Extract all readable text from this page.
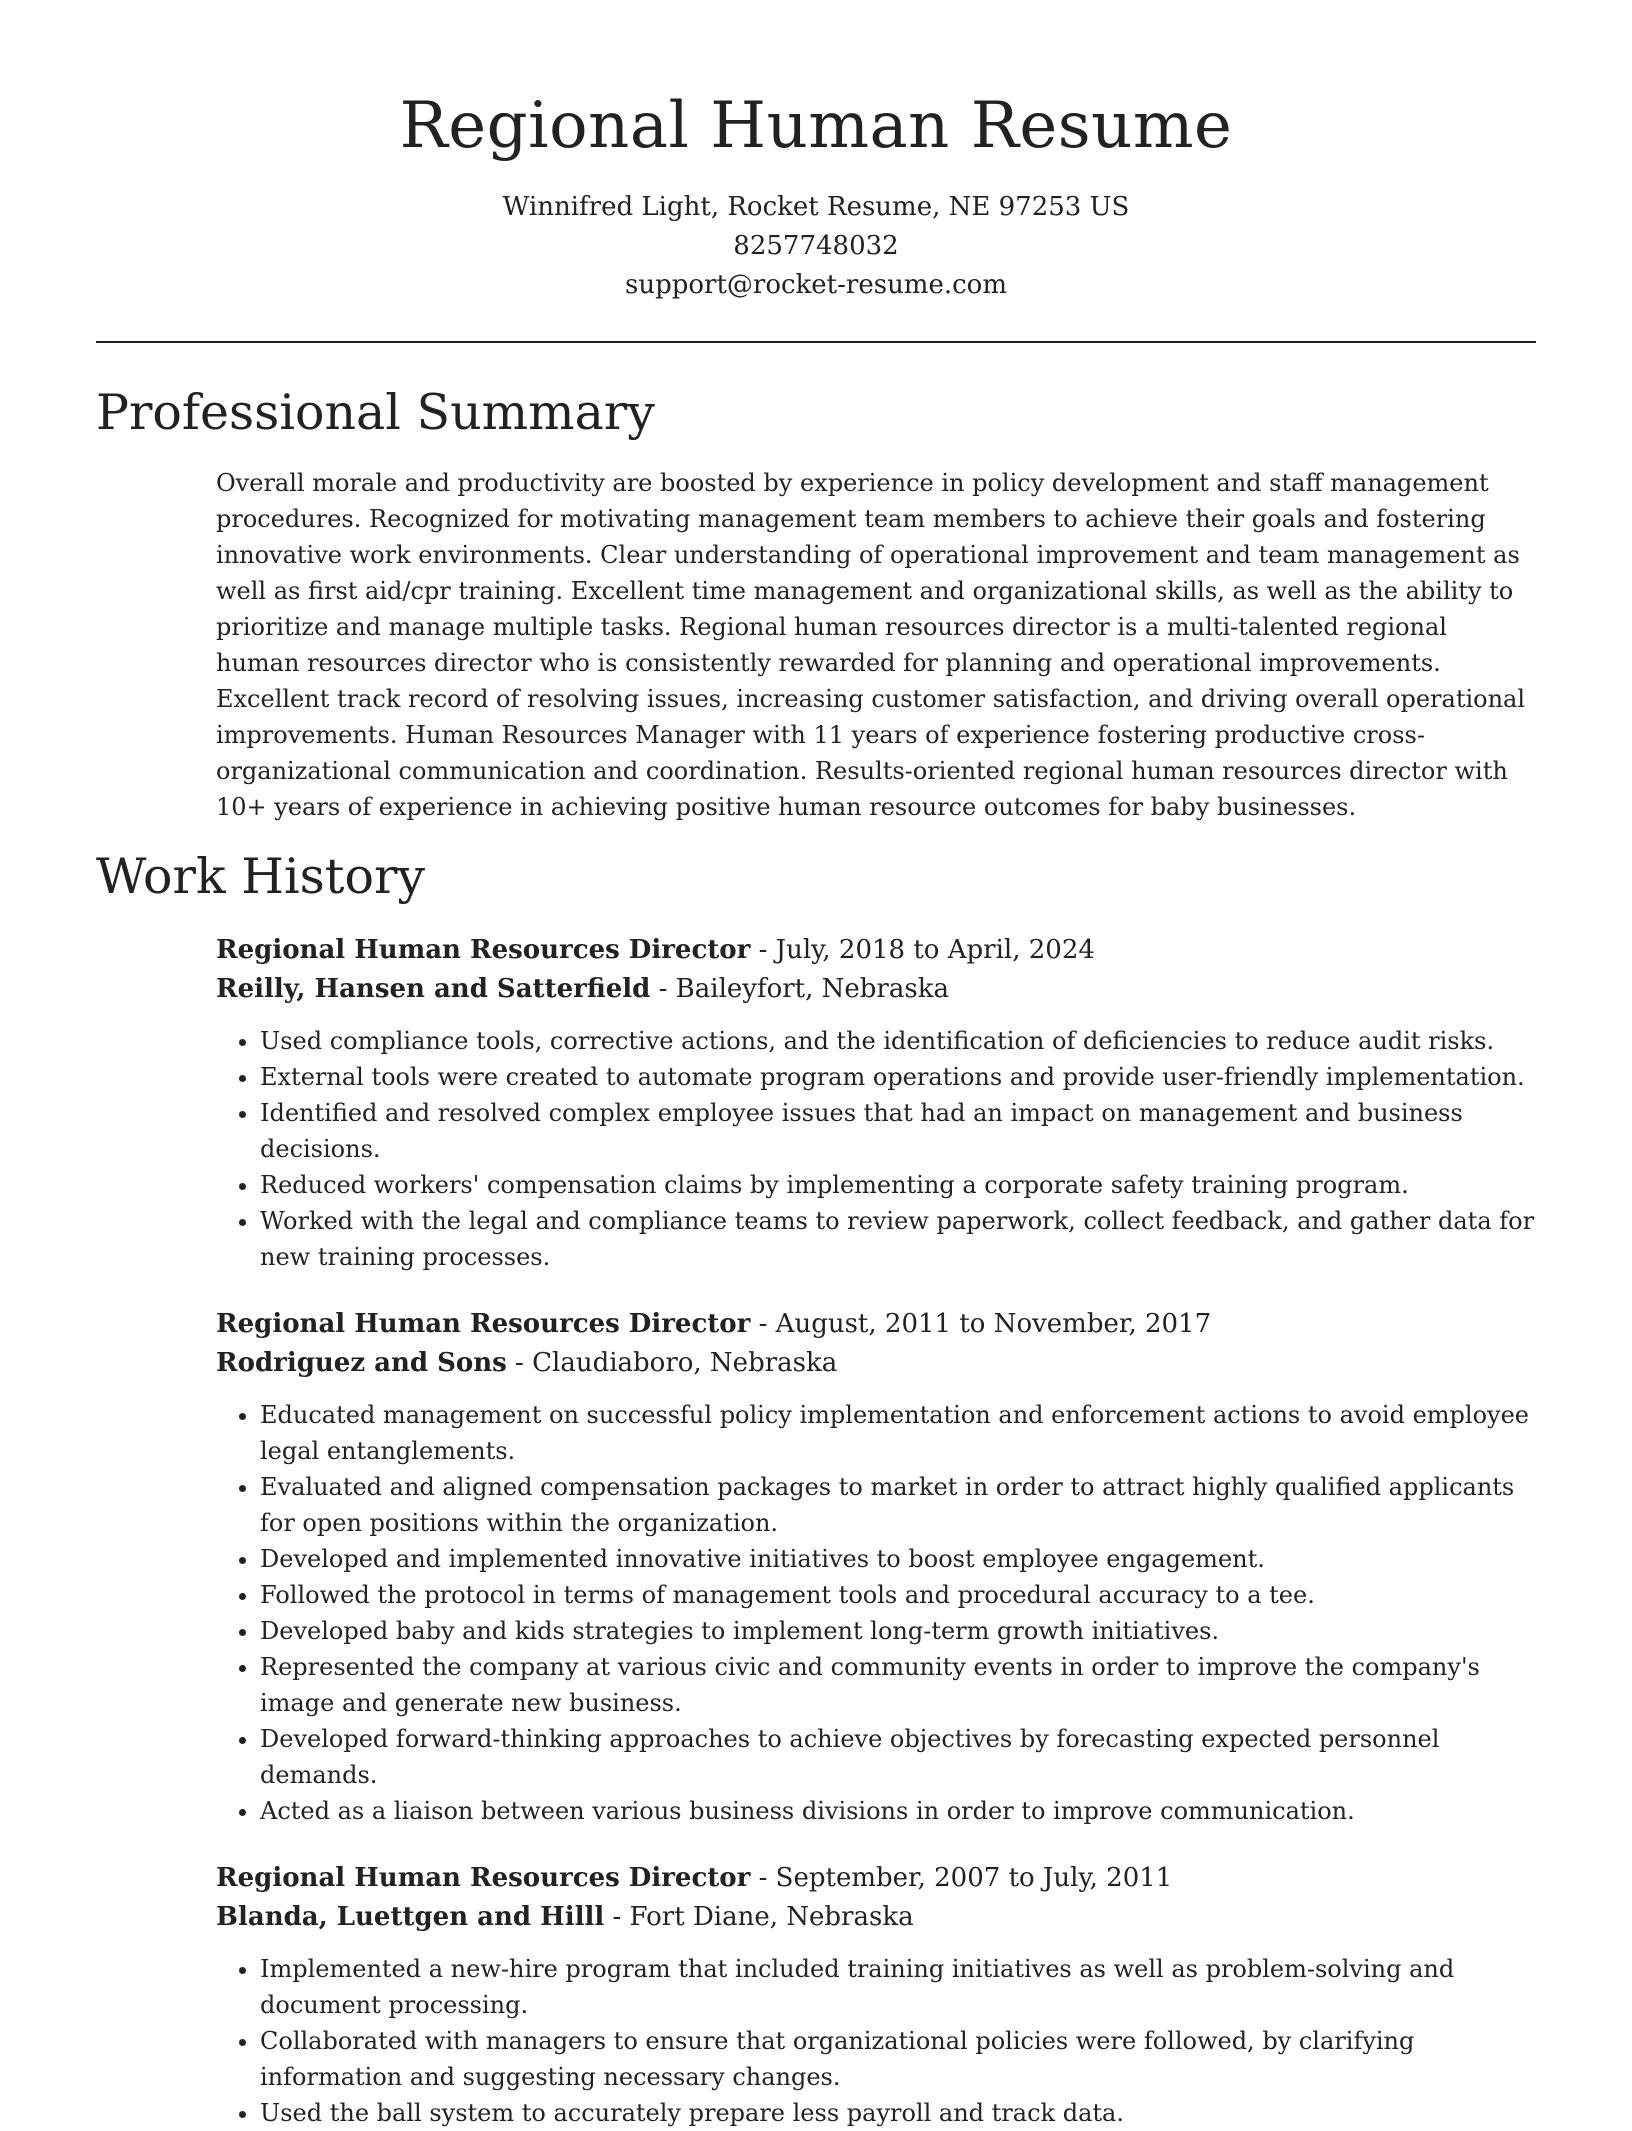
Regional Human Resume
Winnifred Light, Rocket Resume, NE 97253 US
8257748032
support@rocket-resume.com
Professional Summary

Overall morale and productivity are boosted by experience in policy development and staff management procedures. Recognized for motivating management team members to achieve their goals and fostering innovative work environments. Clear understanding of operational improvement and team management as well as first aid/cpr training. Excellent time management and organizational skills, as well as the ability to prioritize and manage multiple tasks. Regional human resources director is a multi-talented regional human resources director who is consistently rewarded for planning and operational improvements. Excellent track record of resolving issues, increasing customer satisfaction, and driving overall operational improvements. Human Resources Manager with 11 years of experience fostering productive cross-organizational communication and coordination. Results-oriented regional human resources director with 10+ years of experience in achieving positive human resource outcomes for baby businesses.

Work History
Regional Human Resources Director - July, 2018 to April, 2024
Reilly, Hansen and Satterfield - Baileyfort, Nebraska
• Used compliance tools, corrective actions, and the identification of deficiencies to reduce audit risks.
• External tools were created to automate program operations and provide user-friendly implementation.
• Identified and resolved complex employee issues that had an impact on management and business decisions.
• Reduced workers' compensation claims by implementing a corporate safety training program.
• Worked with the legal and compliance teams to review paperwork, collect feedback, and gather data for new training processes.
Regional Human Resources Director - August, 2011 to November, 2017
Rodriguez and Sons - Claudiaboro, Nebraska
• Educated management on successful policy implementation and enforcement actions to avoid employee legal entanglements.
• Evaluated and aligned compensation packages to market in order to attract highly qualified applicants for open positions within the organization.
• Developed and implemented innovative initiatives to boost employee engagement.
• Followed the protocol in terms of management tools and procedural accuracy to a tee.
• Developed baby and kids strategies to implement long-term growth initiatives.
• Represented the company at various civic and community events in order to improve the company's image and generate new business.
• Developed forward-thinking approaches to achieve objectives by forecasting expected personnel demands.
• Acted as a liaison between various business divisions in order to improve communication.
Regional Human Resources Director - September, 2007 to July, 2011
Blanda, Luettgen and Hilll - Fort Diane, Nebraska
• Implemented a new-hire program that included training initiatives as well as problem-solving and document processing.
• Collaborated with managers to ensure that organizational policies were followed, by clarifying information and suggesting necessary changes.
• Used the ball system to accurately prepare less payroll and track data.
